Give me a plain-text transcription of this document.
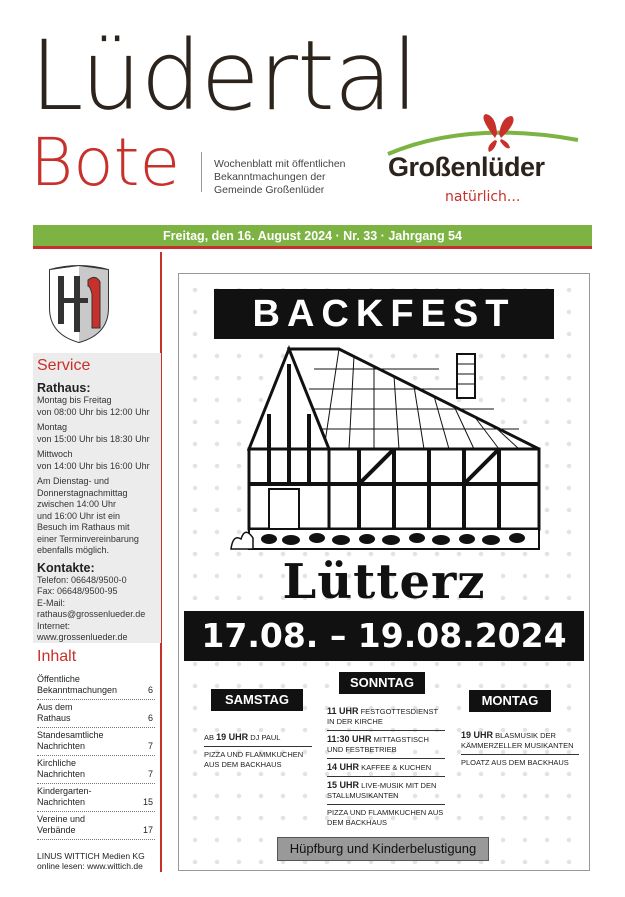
Lüdertal
Bote	Wochenblatt mit öffentlichen
Bekanntmachungen der
Gemeinde Großenlüder
Großenlüder
natürlich...
Freitag, den 16. August 2024 · Nr. 33 · Jahrgang 54
Service
Rathaus:
Montag bis Freitag
von 08:00 Uhr bis 12:00 Uhr
Montag
von 15:00 Uhr bis 18:30 Uhr
Mittwoch
von 14:00 Uhr bis 16:00 Uhr
Am Dienstag- und
Donnerstagnachmittag
zwischen 14:00 Uhr
und 16:00 Uhr ist ein
Besuch im Rathaus mit
einer Terminvereinbarung
ebenfalls möglich.
Kontakte:
Telefon: 06648/9500-0
Fax: 06648/9500-95
E-Mail:
rathaus@grossenlueder.de
Internet:
www.grossenlueder.de
Inhalt
Öffentliche Bekanntmachungen	6
Aus dem Rathaus	6
Standesamtliche Nachrichten	7
Kirchliche Nachrichten	7
Kindergarten-Nachrichten	15
Vereine und Verbände	17
LINUS WITTICH Medien KG
online lesen: www.wittich.de
BACKFEST
Lütterz
17.08. – 19.08.2024
SAMSTAG
AB 19 UHR DJ PAUL
PIZZA UND FLAMMKUCHEN AUS DEM BACKHAUS
SONNTAG
11 UHR FESTGOTTESDIENST IN DER KIRCHE
11:30 UHR MITTAGSTISCH UND FESTBETRIEB
14 UHR KAFFEE & KUCHEN
15 UHR LIVE-MUSIK MIT DEN STALLMUSIKANTEN
PIZZA UND FLAMMKUCHEN AUS DEM BACKHAUS
MONTAG
19 UHR BLASMUSIK DER KÄMMERZELLER MUSIKANTEN
PLOATZ AUS DEM BACKHAUS
Hüpfburg und Kinderbelustigung
